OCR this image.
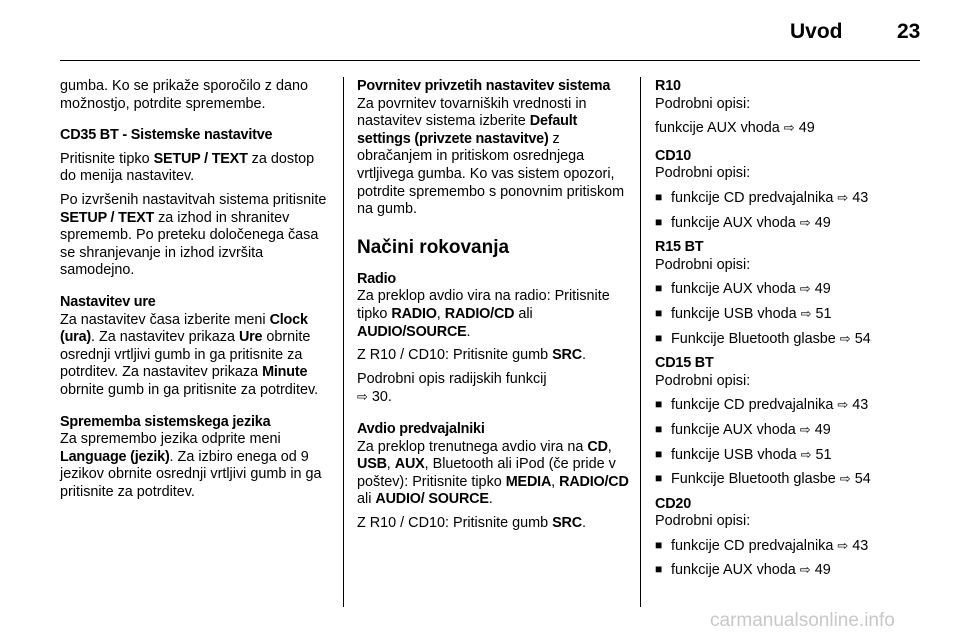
Uvod	23

gumba. Ko se prikaže sporočilo z dano možnostjo, potrdite spremembe.

CD35 BT - Sistemske nastavitve

Pritisnite tipko SETUP / TEXT za dostop do menija nastavitev.

Po izvršenih nastavitvah sistema pritisnite SETUP / TEXT za izhod in shranitev sprememb. Po preteku določenega časa se shranjevanje in izhod izvršita samodejno.

Nastavitev ure

Za nastavitev časa izberite meni Clock (ura). Za nastavitev prikaza Ure obrnite osrednji vrtljivi gumb in ga pritisnite za potrditev. Za nastavitev prikaza Minute obrnite gumb in ga pritisnite za potrditev.

Sprememba sistemskega jezika

Za spremembo jezika odprite meni Language (jezik). Za izbiro enega od 9 jezikov obrnite osrednji vrtljivi gumb in ga pritisnite za potrditev.

Povrnitev privzetih nastavitev sistema

Za povrnitev tovarniških vrednosti in nastavitev sistema izberite Default settings (privzete nastavitve) z obračanjem in pritiskom osrednjega vrtljivega gumba. Ko vas sistem opozori, potrdite spremembo s ponovnim pritiskom na gumb.

Načini rokovanja

Radio

Za preklop avdio vira na radio: Pritisnite tipko RADIO, RADIO/CD ali AUDIO/SOURCE.

Z R10 / CD10: Pritisnite gumb SRC.

Podrobni opis radijskih funkcij
⇨ 30.

Avdio predvajalniki

Za preklop trenutnega avdio vira na CD, USB, AUX, Bluetooth ali iPod (če pride v poštev): Pritisnite tipko MEDIA, RADIO/CD ali AUDIO/ SOURCE.

Z R10 / CD10: Pritisnite gumb SRC.

R10

Podrobni opisi:

funkcije AUX vhoda ⇨ 49

CD10

Podrobni opisi:

■ funkcije CD predvajalnika ⇨ 43
■ funkcije AUX vhoda ⇨ 49

R15 BT

Podrobni opisi:

■ funkcije AUX vhoda ⇨ 49
■ funkcije USB vhoda ⇨ 51
■ Funkcije Bluetooth glasbe ⇨ 54

CD15 BT

Podrobni opisi:

■ funkcije CD predvajalnika ⇨ 43
■ funkcije AUX vhoda ⇨ 49
■ funkcije USB vhoda ⇨ 51
■ Funkcije Bluetooth glasbe ⇨ 54

CD20

Podrobni opisi:

■ funkcije CD predvajalnika ⇨ 43
■ funkcije AUX vhoda ⇨ 49
carmanualsonline.info
